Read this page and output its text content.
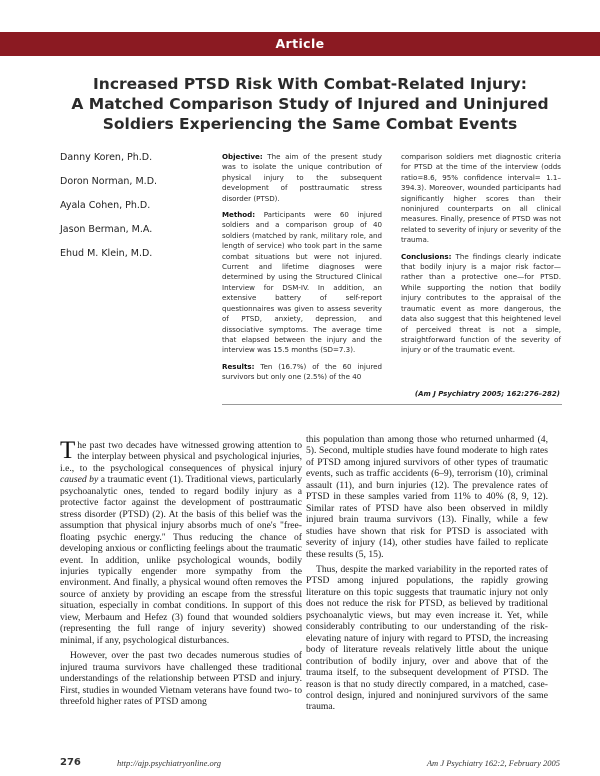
Article
Increased PTSD Risk With Combat-Related Injury:
A Matched Comparison Study of Injured and Uninjured
Soldiers Experiencing the Same Combat Events
Danny Koren, Ph.D.
Doron Norman, M.D.
Ayala Cohen, Ph.D.
Jason Berman, M.A.
Ehud M. Klein, M.D.

Objective: The aim of the present study was to isolate the unique contribution of physical injury to the subsequent development of posttraumatic stress disorder (PTSD).

Method: Participants were 60 injured soldiers and a comparison group of 40 soldiers (matched by rank, military role, and length of service) who took part in the same combat situations but were not injured. Current and lifetime diagnoses were determined by using the Structured Clinical Interview for DSM-IV. In addition, an extensive battery of self-report questionnaires was given to assess severity of PTSD, anxiety, depression, and dissociative symptoms. The average time that elapsed between the injury and the interview was 15.5 months (SD=7.3).

Results: Ten (16.7%) of the 60 injured survivors but only one (2.5%) of the 40

comparison soldiers met diagnostic criteria for PTSD at the time of the interview (odds ratio=8.6, 95% confidence interval= 1.1–394.3). Moreover, wounded participants had significantly higher scores than their noninjured counterparts on all clinical measures. Finally, presence of PTSD was not related to severity of injury or severity of the trauma.

Conclusions: The findings clearly indicate that bodily injury is a major risk factor—rather than a protective one—for PTSD. While supporting the notion that bodily injury contributes to the appraisal of the traumatic event as more dangerous, the data also suggest that this heightened level of perceived threat is not a simple, straightforward function of the severity of injury or of the traumatic event.

(Am J Psychiatry 2005; 162:276–282)

The past two decades have witnessed growing attention to the interplay between physical and psychological injuries, i.e., to the psychological consequences of physical injury caused by a traumatic event (1). Traditional views, particularly psychoanalytic ones, tended to regard bodily injury as a protective factor against the development of posttraumatic stress disorder (PTSD) (2). At the basis of this belief was the assumption that physical injury absorbs much of one's "free-floating psychic energy." Thus reducing the chance of developing anxious or conflicting feelings about the traumatic event. In addition, unlike psychological wounds, bodily injuries typically engender more sympathy from the environment. And finally, a physical wound often removes the source of anxiety by providing an escape from the stressful situation, especially in combat conditions. In support of this view, Merbaum and Hefez (3) found that wounded soldiers (representing the full range of injury severity) showed minimal, if any, psychological disturbances.

However, over the past two decades numerous studies of injured trauma survivors have challenged these traditional understandings of the relationship between PTSD and injury. First, studies in wounded Vietnam veterans have found two- to threefold higher rates of PTSD among

this population than among those who returned unharmed (4, 5). Second, multiple studies have found moderate to high rates of PTSD among injured survivors of other types of traumatic events, such as traffic accidents (6–9), terrorism (10), criminal assault (11), and burn injuries (12). The prevalence rates of PTSD in these samples varied from 11% to 40% (8, 9, 12). Similar rates of PTSD have also been observed in mildly injured brain trauma survivors (13). Finally, while a few studies have shown that risk for PTSD is associated with severity of injury (14), other studies have failed to replicate these results (5, 15).

Thus, despite the marked variability in the reported rates of PTSD among injured populations, the rapidly growing literature on this topic suggests that traumatic injury not only does not reduce the risk for PTSD, as believed by traditional psychoanalytic views, but may even increase it. Yet, while considerably contributing to our understanding of the risk-elevating nature of injury with regard to PTSD, the increasing body of literature reveals relatively little about the unique contribution of bodily injury, over and above that of the trauma itself, to the subsequent development of PTSD. The reason is that no study directly compared, in a matched, case-control design, injured and noninjured survivors of the same trauma.

276	http://ajp.psychiatryonline.org	Am J Psychiatry 162:2, February 2005
